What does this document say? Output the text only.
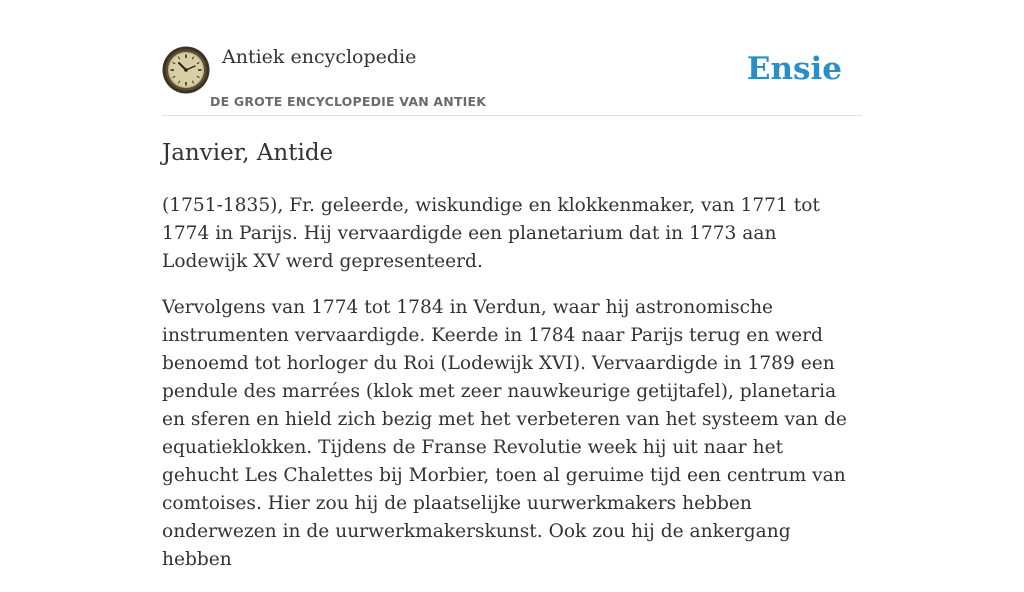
Antiek encyclopedie
DE GROTE ENCYCLOPEDIE VAN ANTIEK
Ensie
Janvier, Antide

(1751-1835), Fr. geleerde, wiskundige en klokkenmaker, van 1771 tot 1774 in Parijs. Hij vervaardigde een planetarium dat in 1773 aan Lodewijk XV werd gepresenteerd.

Vervolgens van 1774 tot 1784 in Verdun, waar hij astronomische instrumenten vervaardigde. Keerde in 1784 naar Parijs terug en werd benoemd tot horloger du Roi (Lodewijk XVI). Vervaardigde in 1789 een pendule des marrées (klok met zeer nauwkeurige getijtafel), planetaria en sferen en hield zich bezig met het verbeteren van het systeem van de equatieklokken. Tijdens de Franse Revolutie week hij uit naar het gehucht Les Chalettes bij Morbier, toen al geruime tijd een centrum van comtoises. Hier zou hij de plaatselijke uurwerkmakers hebben onderwezen in de uurwerkmakerskunst. Ook zou hij de ankergang hebben
